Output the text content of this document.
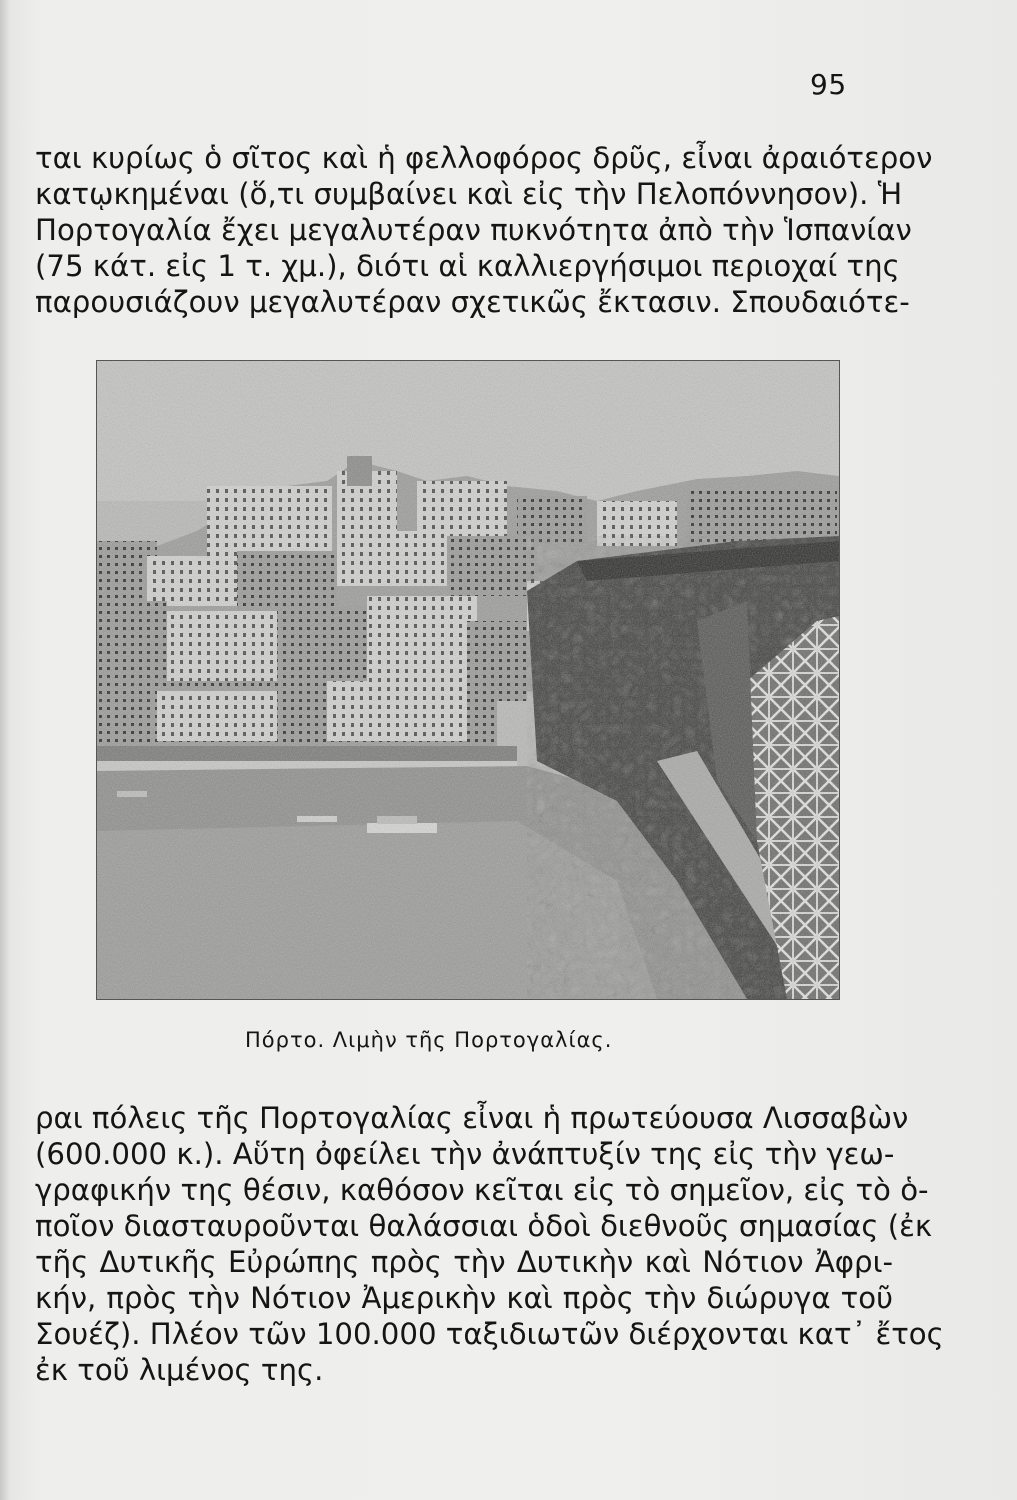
95
ται κυρίως ὁ σῖτος καὶ ἡ φελλοφόρος δρῦς, εἶναι ἀραιότερον
κατῳκημέναι (ὅ,τι συμβαίνει καὶ εἰς τὴν Πελοπόννησον). Ἡ
Πορτογαλία ἔχει μεγαλυτέραν πυκνότητα ἀπὸ τὴν Ἱσπανίαν
(75 κάτ. εἰς 1 τ. χμ.), διότι αἱ καλλιεργήσιμοι περιοχαί της
παρουσιάζουν μεγαλυτέραν σχετικῶς ἔκτασιν. Σπουδαιότε-
Πόρτο. Λιμὴν τῆς Πορτογαλίας.
ραι πόλεις τῆς Πορτογαλίας εἶναι ἡ πρωτεύουσα Λισσαβὼν
(600.000 κ.). Αὕτη ὀφείλει τὴν ἀνάπτυξίν της εἰς τὴν γεω-
γραφικήν της θέσιν, καθόσον κεῖται εἰς τὸ σημεῖον, εἰς τὸ ὁ-
ποῖον διασταυροῦνται θαλάσσιαι ὁδοὶ διεθνοῦς σημασίας (ἐκ
τῆς Δυτικῆς Εὐρώπης πρὸς τὴν Δυτικὴν καὶ Νότιον Ἀφρι-
κήν, πρὸς τὴν Νότιον Ἀμερικὴν καὶ πρὸς τὴν διώρυγα τοῦ
Σουέζ). Πλέον τῶν 100.000 ταξιδιωτῶν διέρχονται κατ᾽ ἔτος
ἐκ τοῦ λιμένος της.
